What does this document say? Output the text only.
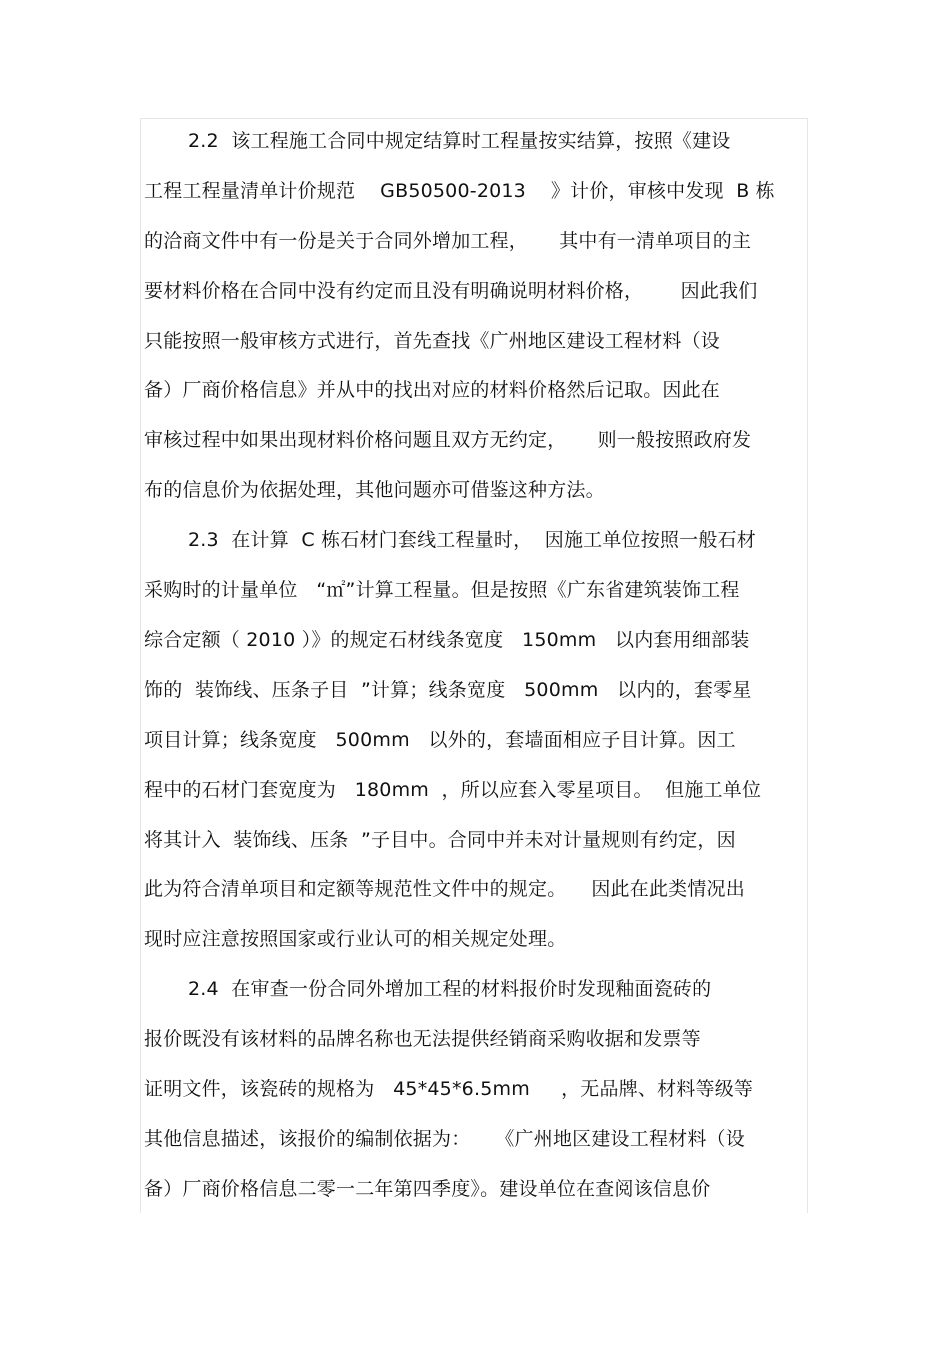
2.2  该工程施工合同中规定结算时工程量按实结算，按照《建设
工程工程量清单计价规范    GB50500-2013    》计价，审核中发现  B 栋
的洽商文件中有一份是关于合同外增加工程，     其中有一清单项目的主
要材料价格在合同中没有约定而且没有明确说明材料价格，      因此我们
只能按照一般审核方式进行，首先查找《广州地区建设工程材料（设
备）厂商价格信息》并从中的找出对应的材料价格然后记取。因此在
审核过程中如果出现材料价格问题且双方无约定，     则一般按照政府发
布的信息价为依据处理，其他问题亦可借鉴这种方法。
2.3  在计算  C 栋石材门套线工程量时，  因施工单位按照一般石材
采购时的计量单位   “㎡”计算工程量。但是按照《广东省建筑装饰工程
综合定额（ 2010 ）》的规定石材线条宽度   150mm   以内套用细部装
饰的  装饰线、压条子目  ”计算；线条宽度   500mm   以内的，套零星
项目计算；线条宽度   500mm   以外的，套墙面相应子目计算。因工
程中的石材门套宽度为   180mm  ，所以应套入零星项目。  但施工单位
将其计入  装饰线、压条  ”子目中。合同中并未对计量规则有约定，因
此为符合清单项目和定额等规范性文件中的规定。    因此在此类情况出
现时应注意按照国家或行业认可的相关规定处理。
2.4  在审查一份合同外增加工程的材料报价时发现釉面瓷砖的
报价既没有该材料的品牌名称也无法提供经销商采购收据和发票等
证明文件，该瓷砖的规格为   45*45*6.5mm     ，无品牌、材料等级等
其他信息描述，该报价的编制依据为：    《广州地区建设工程材料（设
备）厂商价格信息二零一二年第四季度》。建设单位在查阅该信息价
